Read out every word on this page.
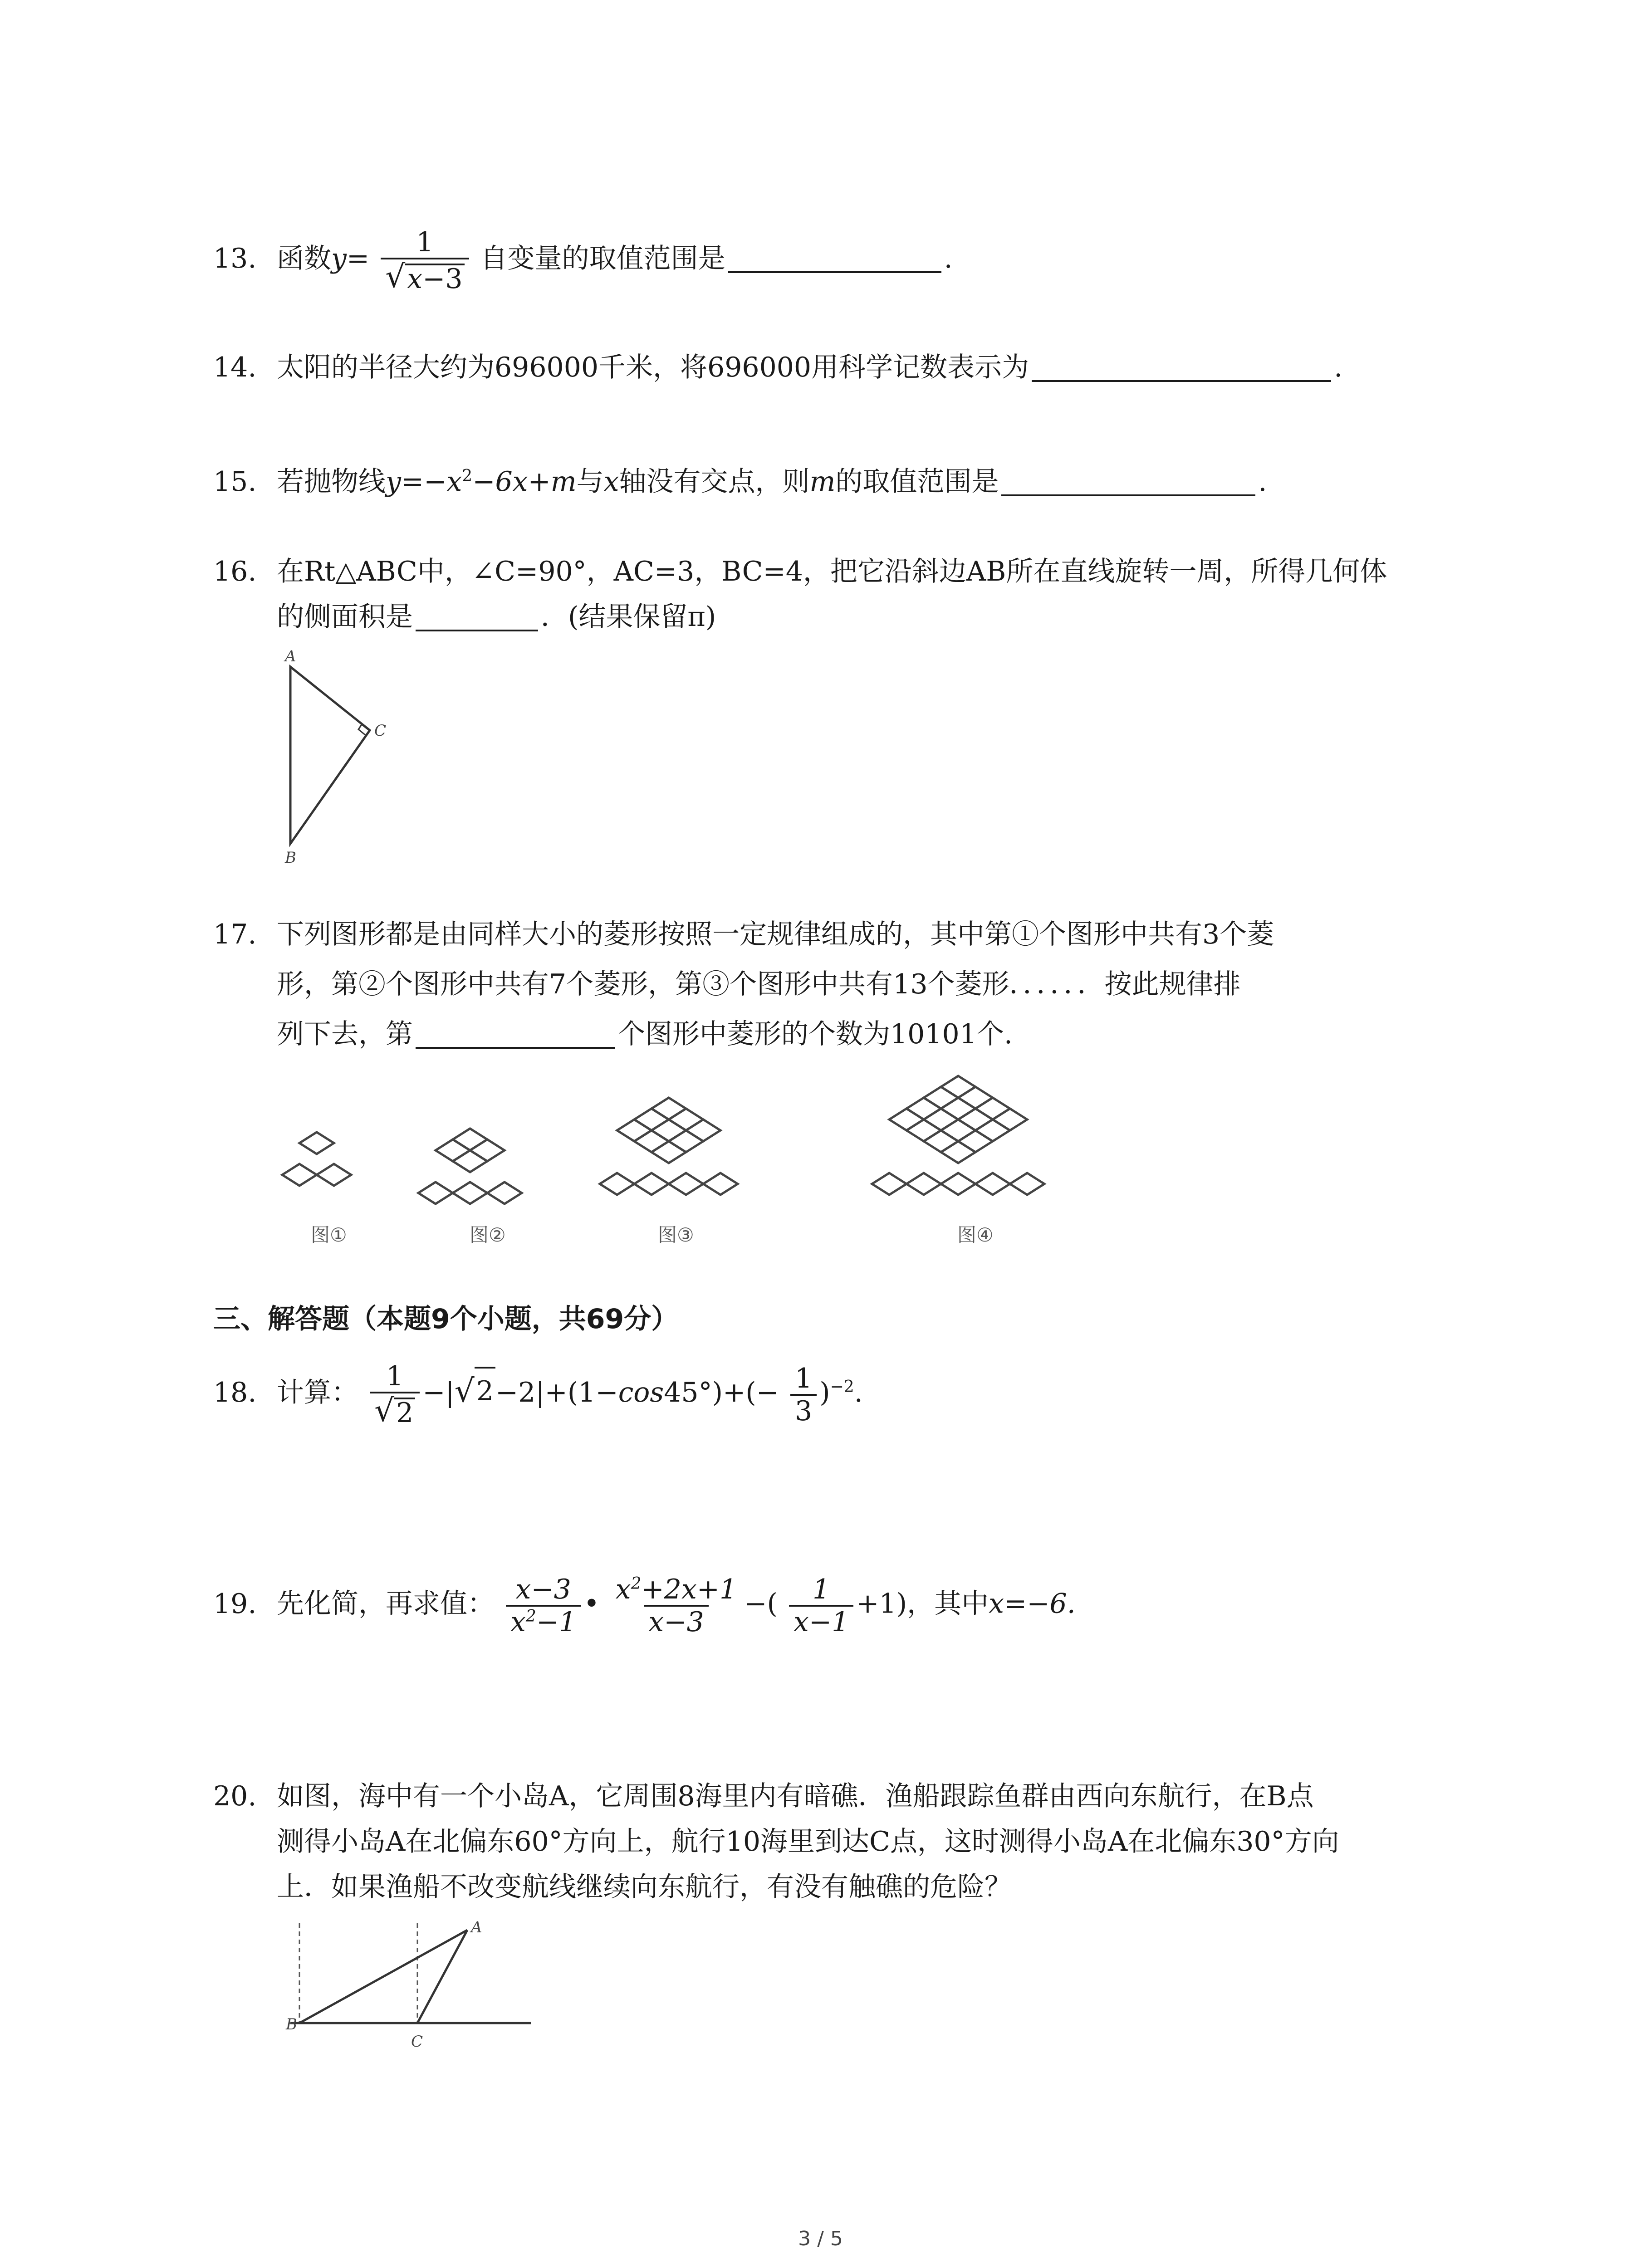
13. 函数$y= \frac{1}{√ x-3}$ 自变量的取值范围是	.
14. 太阳的半径大约为696000千米，将696000用科学记数表示为	.
15. 若抛物线$y=-x^2-6x+m$与x轴没有交点，则m的取值范围是	.
16. 在Rt△ABC中，∠C=90°，AC=3，BC=4，把它沿斜边AB所在直线旋转一周，所得几何体
的侧面积是	．(结果保留π)
A
C
B
17. 下列图形都是由同样大小的菱形按照一定规律组成的，其中第①个图形中共有3个菱
形，第②个图形中共有7个菱形，第③个图形中共有13个菱形．．．．．．按此规律排
列下去，第	个图形中菱形的个数为10101个.
图①	图②	图③	图④
三、解答题（本题9个小题，共69分）
18. 计算： $\frac{1}{√ 2}$ −| √ $2 -2|+(1-\cos 45^\circ)+(- \frac{1}{3} )^{-2}$.
19. 先化简，再求值： $\frac{x-3}{x^2-1}$ • $\frac{x^2+2x+1}{x-3}$ −( $\frac{1}{x-1} +1$)，其中x=−6.
20. 如图，海中有一个小岛A，它周围8海里内有暗礁．渔船跟踪鱼群由西向东航行，在B点
测得小岛A在北偏东60°方向上，航行10海里到达C点，这时测得小岛A在北偏东30°方向
上．如果渔船不改变航线继续向东航行，有没有触礁的危险？
A
B
C
3 / 5
